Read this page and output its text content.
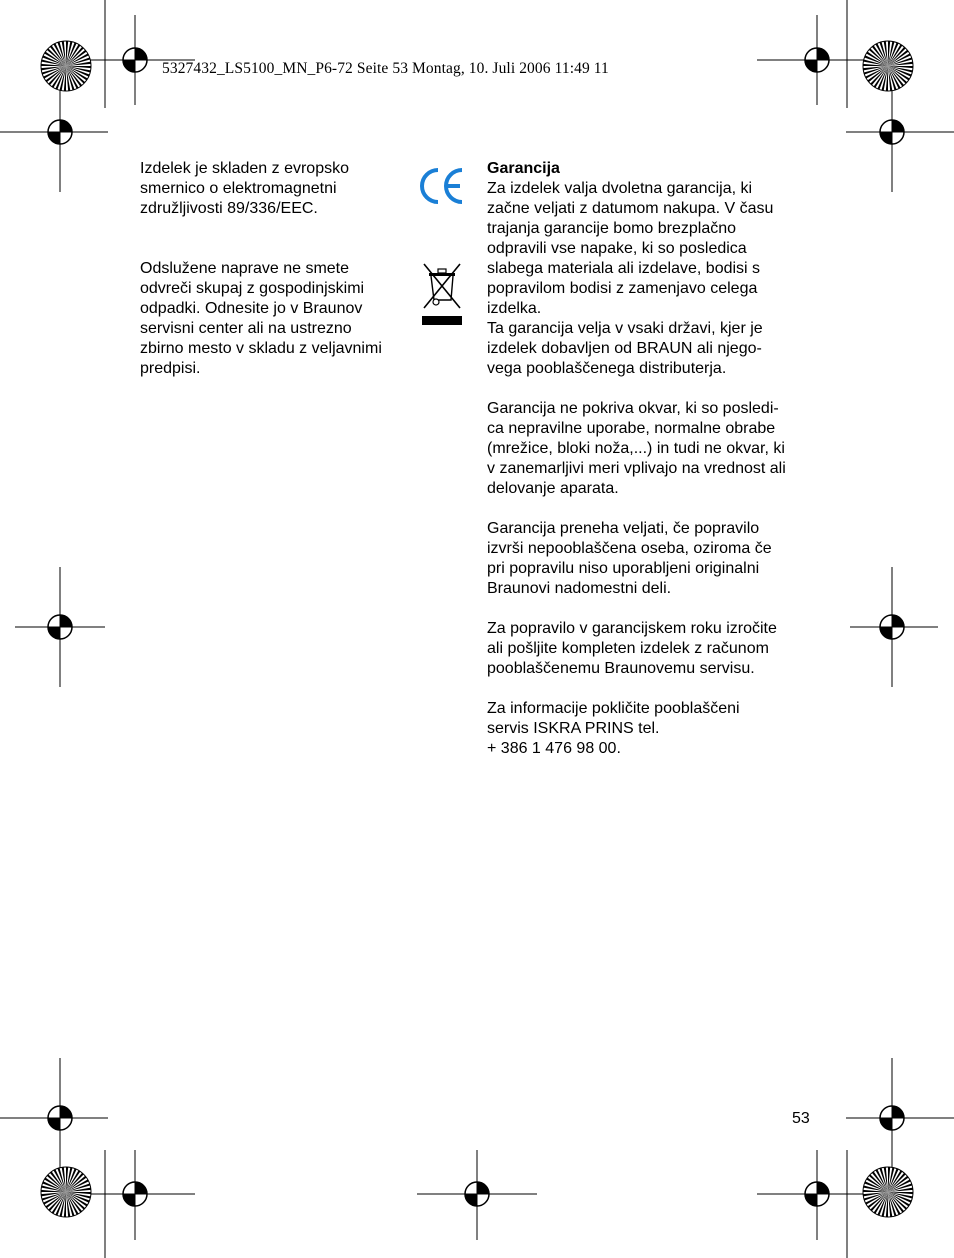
5327432_LS5100_MN_P6-72 Seite 53 Montag, 10. Juli 2006 11:49 11

Izdelek je skladen z evropsko
smernico o elektromagnetni
združljivosti 89/336/EEC.

Odslužene naprave ne smete
odvreči skupaj z gospodinjskimi
odpadki. Odnesite jo v Braunov
servisni center ali na ustrezno
zbirno mesto v skladu z veljavnimi
predpisi.

Garancija

Za izdelek valja dvoletna garancija, ki
začne veljati z datumom nakupa. V času
trajanja garancije bomo brezplačno
odpravili vse napake, ki so posledica
slabega materiala ali izdelave, bodisi s
popravilom bodisi z zamenjavo celega
izdelka.

Ta garancija velja v vsaki državi, kjer je
izdelek dobavljen od BRAUN ali njego-
vega pooblaščenega distributerja.

Garancija ne pokriva okvar, ki so posledi-
ca nepravilne uporabe, normalne obrabe
(mrežice, bloki noža,...) in tudi ne okvar, ki
v zanemarljivi meri vplivajo na vrednost ali
delovanje aparata.

Garancija preneha veljati, če popravilo
izvrši nepooblaščena oseba, oziroma če
pri popravilu niso uporabljeni originalni
Braunovi nadomestni deli.

Za popravilo v garancijskem roku izročite
ali pošljite kompleten izdelek z računom
pooblaščenemu Braunovemu servisu.

Za informacije pokličite pooblaščeni
servis ISKRA PRINS tel.
+ 386 1 476 98 00.

53
